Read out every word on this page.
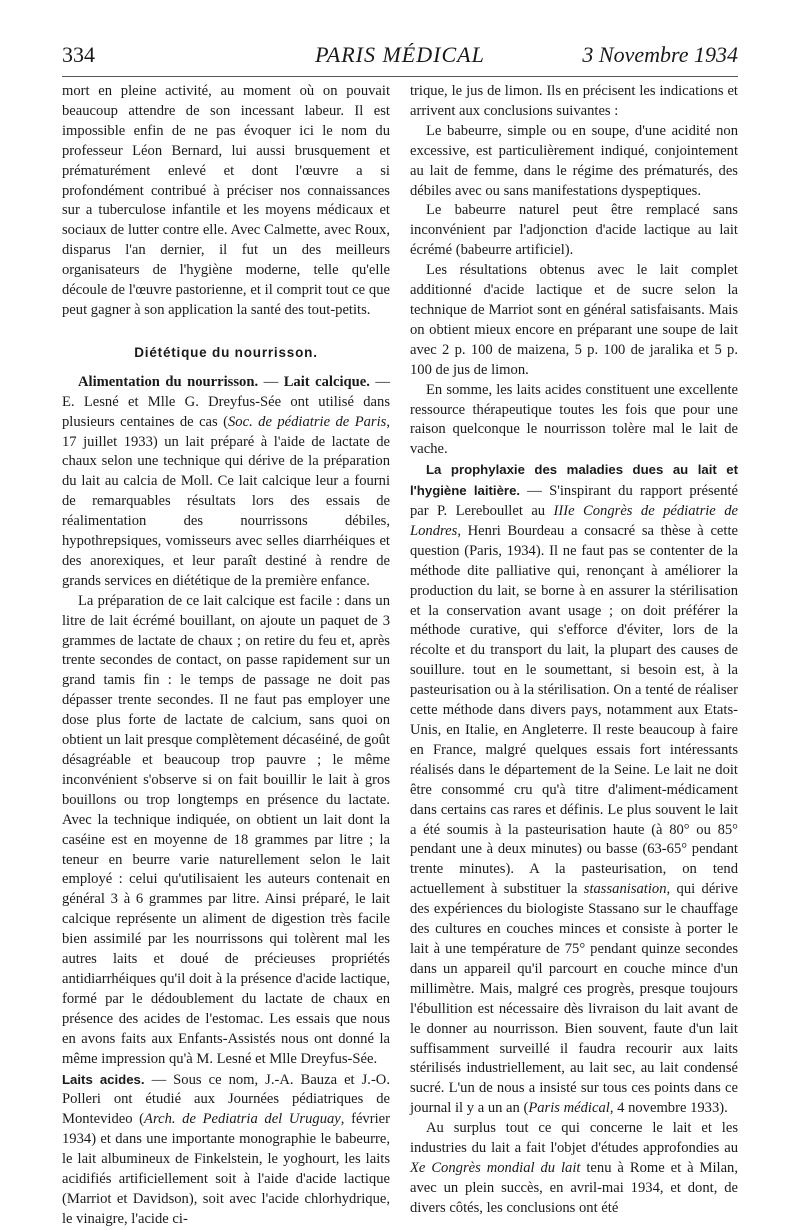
334	PARIS MÉDICAL	3 Novembre 1934

mort en pleine activité, au moment où on pouvait beaucoup attendre de son incessant labeur. Il est impossible enfin de ne pas évoquer ici le nom du professeur Léon Bernard, lui aussi brusquement et prématurément enlevé et dont l'œuvre a si profondément contribué à préciser nos connaissances sur a tuberculose infantile et les moyens médicaux et sociaux de lutter contre elle. Avec Calmette, avec Roux, disparus l'an dernier, il fut un des meilleurs organisateurs de l'hygiène moderne, telle qu'elle découle de l'œuvre pastorienne, et il comprit tout ce que peut gagner à son application la santé des tout-petits.

Diététique du nourrisson.

Alimentation du nourrisson. — Lait calcique. — E. Lesné et Mlle G. Dreyfus-Sée ont utilisé dans plusieurs centaines de cas (Soc. de pédiatrie de Paris, 17 juillet 1933) un lait préparé à l'aide de lactate de chaux selon une technique qui dérive de la préparation du lait au calcia de Moll. Ce lait calcique leur a fourni de remarquables résultats lors des essais de réalimentation des nourrissons débiles, hypothrepsiques, vomisseurs avec selles diarrhéiques et des anorexiques, et leur paraît destiné à rendre de grands services en diététique de la première enfance.

La préparation de ce lait calcique est facile : dans un litre de lait écrémé bouillant, on ajoute un paquet de 3 grammes de lactate de chaux ; on retire du feu et, après trente secondes de contact, on passe rapidement sur un grand tamis fin : le temps de passage ne doit pas dépasser trente secondes. Il ne faut pas employer une dose plus forte de lactate de calcium, sans quoi on obtient un lait presque complètement décaséiné, de goût désagréable et beaucoup trop pauvre ; le même inconvénient s'observe si on fait bouillir le lait à gros bouillons ou trop longtemps en présence du lactate. Avec la technique indiquée, on obtient un lait dont la caséine est en moyenne de 18 grammes par litre ; la teneur en beurre varie naturellement selon le lait employé : celui qu'utilisaient les auteurs contenait en général 3 à 6 grammes par litre. Ainsi préparé, le lait calcique représente un aliment de digestion très facile bien assimilé par les nourrissons qui tolèrent mal les autres laits et doué de précieuses propriétés antidiarrhéiques qu'il doit à la présence d'acide lactique, formé par le dédoublement du lactate de chaux en présence des acides de l'estomac. Les essais que nous en avons faits aux Enfants-Assistés nous ont donné la même impression qu'à M. Lesné et Mlle Dreyfus-Sée.

Laits acides. — Sous ce nom, J.-A. Bauza et J.-O. Polleri ont étudié aux Journées pédiatriques de Montevideo (Arch. de Pediatria del Uruguay, février 1934) et dans une importante monographie le babeurre, le lait albumineux de Finkelstein, le yoghourt, les laits acidifiés artificiellement soit à l'aide d'acide lactique (Marriot et Davidson), soit avec l'acide chlorhydrique, le vinaigre, l'acide ci-

trique, le jus de limon. Ils en précisent les indications et arrivent aux conclusions suivantes :

Le babeurre, simple ou en soupe, d'une acidité non excessive, est particulièrement indiqué, conjointement au lait de femme, dans le régime des prématurés, des débiles avec ou sans manifestations dyspeptiques.

Le babeurre naturel peut être remplacé sans inconvénient par l'adjonction d'acide lactique au lait écrémé (babeurre artificiel).

Les résultations obtenus avec le lait complet additionné d'acide lactique et de sucre selon la technique de Marriot sont en général satisfaisants. Mais on obtient mieux encore en préparant une soupe de lait avec 2 p. 100 de maizena, 5 p. 100 de jaralika et 5 p. 100 de jus de limon.

En somme, les laits acides constituent une excellente ressource thérapeutique toutes les fois que pour une raison quelconque le nourrisson tolère mal le lait de vache.

La prophylaxie des maladies dues au lait et l'hygiène laitière. — S'inspirant du rapport présenté par P. Lereboullet au IIIe Congrès de pédiatrie de Londres, Henri Bourdeau a consacré sa thèse à cette question (Paris, 1934). Il ne faut pas se contenter de la méthode dite palliative qui, renonçant à améliorer la production du lait, se borne à en assurer la stérilisation et la conservation avant usage ; on doit préférer la méthode curative, qui s'efforce d'éviter, lors de la récolte et du transport du lait, la plupart des causes de souillure. tout en le soumettant, si besoin est, à la pasteurisation ou à la stérilisation. On a tenté de réaliser cette méthode dans divers pays, notamment aux Etats-Unis, en Italie, en Angleterre. Il reste beaucoup à faire en France, malgré quelques essais fort intéressants réalisés dans le département de la Seine. Le lait ne doit être consommé cru qu'à titre d'aliment-médicament dans certains cas rares et définis. Le plus souvent le lait a été soumis à la pasteurisation haute (à 80° ou 85° pendant une à deux minutes) ou basse (63-65° pendant trente minutes). A la pasteurisation, on tend actuellement à substituer la stassanisation, qui dérive des expériences du biologiste Stassano sur le chauffage des cultures en couches minces et consiste à porter le lait à une température de 75° pendant quinze secondes dans un appareil qu'il parcourt en couche mince d'un millimètre. Mais, malgré ces progrès, presque toujours l'ébullition est nécessaire dès livraison du lait avant de le donner au nourrisson. Bien souvent, faute d'un lait suffisamment surveillé il faudra recourir aux laits stérilisés industriellement, au lait sec, au lait condensé sucré. L'un de nous a insisté sur tous ces points dans ce journal il y a un an (Paris médical, 4 novembre 1933).

Au surplus tout ce qui concerne le lait et les industries du lait a fait l'objet d'études approfondies au Xe Congrès mondial du lait tenu à Rome et à Milan, avec un plein succès, en avril-mai 1934, et dont, de divers côtés, les conclusions ont été
